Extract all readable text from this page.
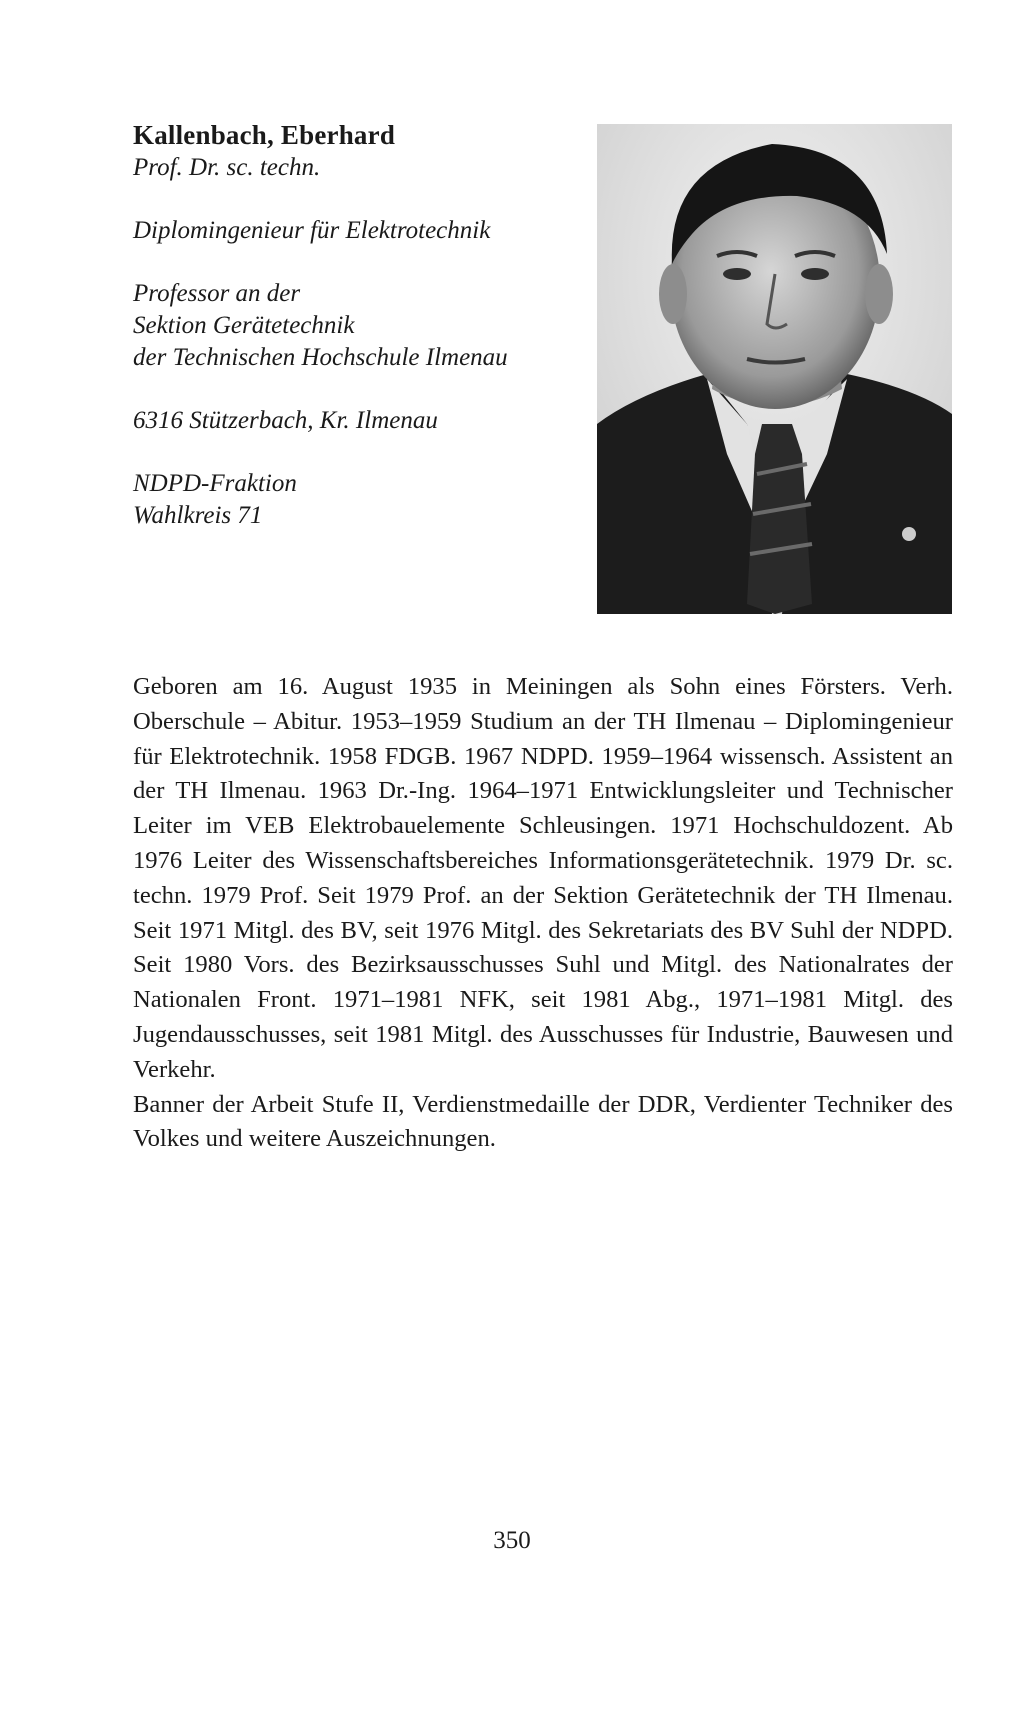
Kallenbach, Eberhard

Prof. Dr. sc. techn.

Diplomingenieur für Elektrotechnik

Professor an der

Sektion Gerätetechnik

der Technischen Hochschule Ilmenau

6316 Stützerbach, Kr. Ilmenau

NDPD-Fraktion

Wahlkreis 71

Geboren am 16. August 1935 in Meiningen als Sohn eines Försters. Verh. Oberschule – Abitur. 1953–1959 Studium an der TH Ilmenau – Diplomingenieur für Elektrotechnik. 1958 FDGB. 1967 NDPD. 1959–1964 wissensch. Assistent an der TH Ilmenau. 1963 Dr.-Ing. 1964–1971 Entwicklungsleiter und Technischer Leiter im VEB Elektrobauelemente Schleusingen. 1971 Hochschuldozent. Ab 1976 Leiter des Wissenschaftsbereiches Informationsgerätetechnik. 1979 Dr. sc. techn. 1979 Prof. Seit 1979 Prof. an der Sektion Gerätetechnik der TH Ilmenau. Seit 1971 Mitgl. des BV, seit 1976 Mitgl. des Sekretariats des BV Suhl der NDPD. Seit 1980 Vors. des Bezirksausschusses Suhl und Mitgl. des Nationalrates der Nationalen Front. 1971–1981 NFK, seit 1981 Abg., 1971–1981 Mitgl. des Jugendausschusses, seit 1981 Mitgl. des Ausschusses für Industrie, Bauwesen und Verkehr.

Banner der Arbeit Stufe II, Verdienstmedaille der DDR, Verdienter Techniker des Volkes und weitere Auszeichnungen.

350
